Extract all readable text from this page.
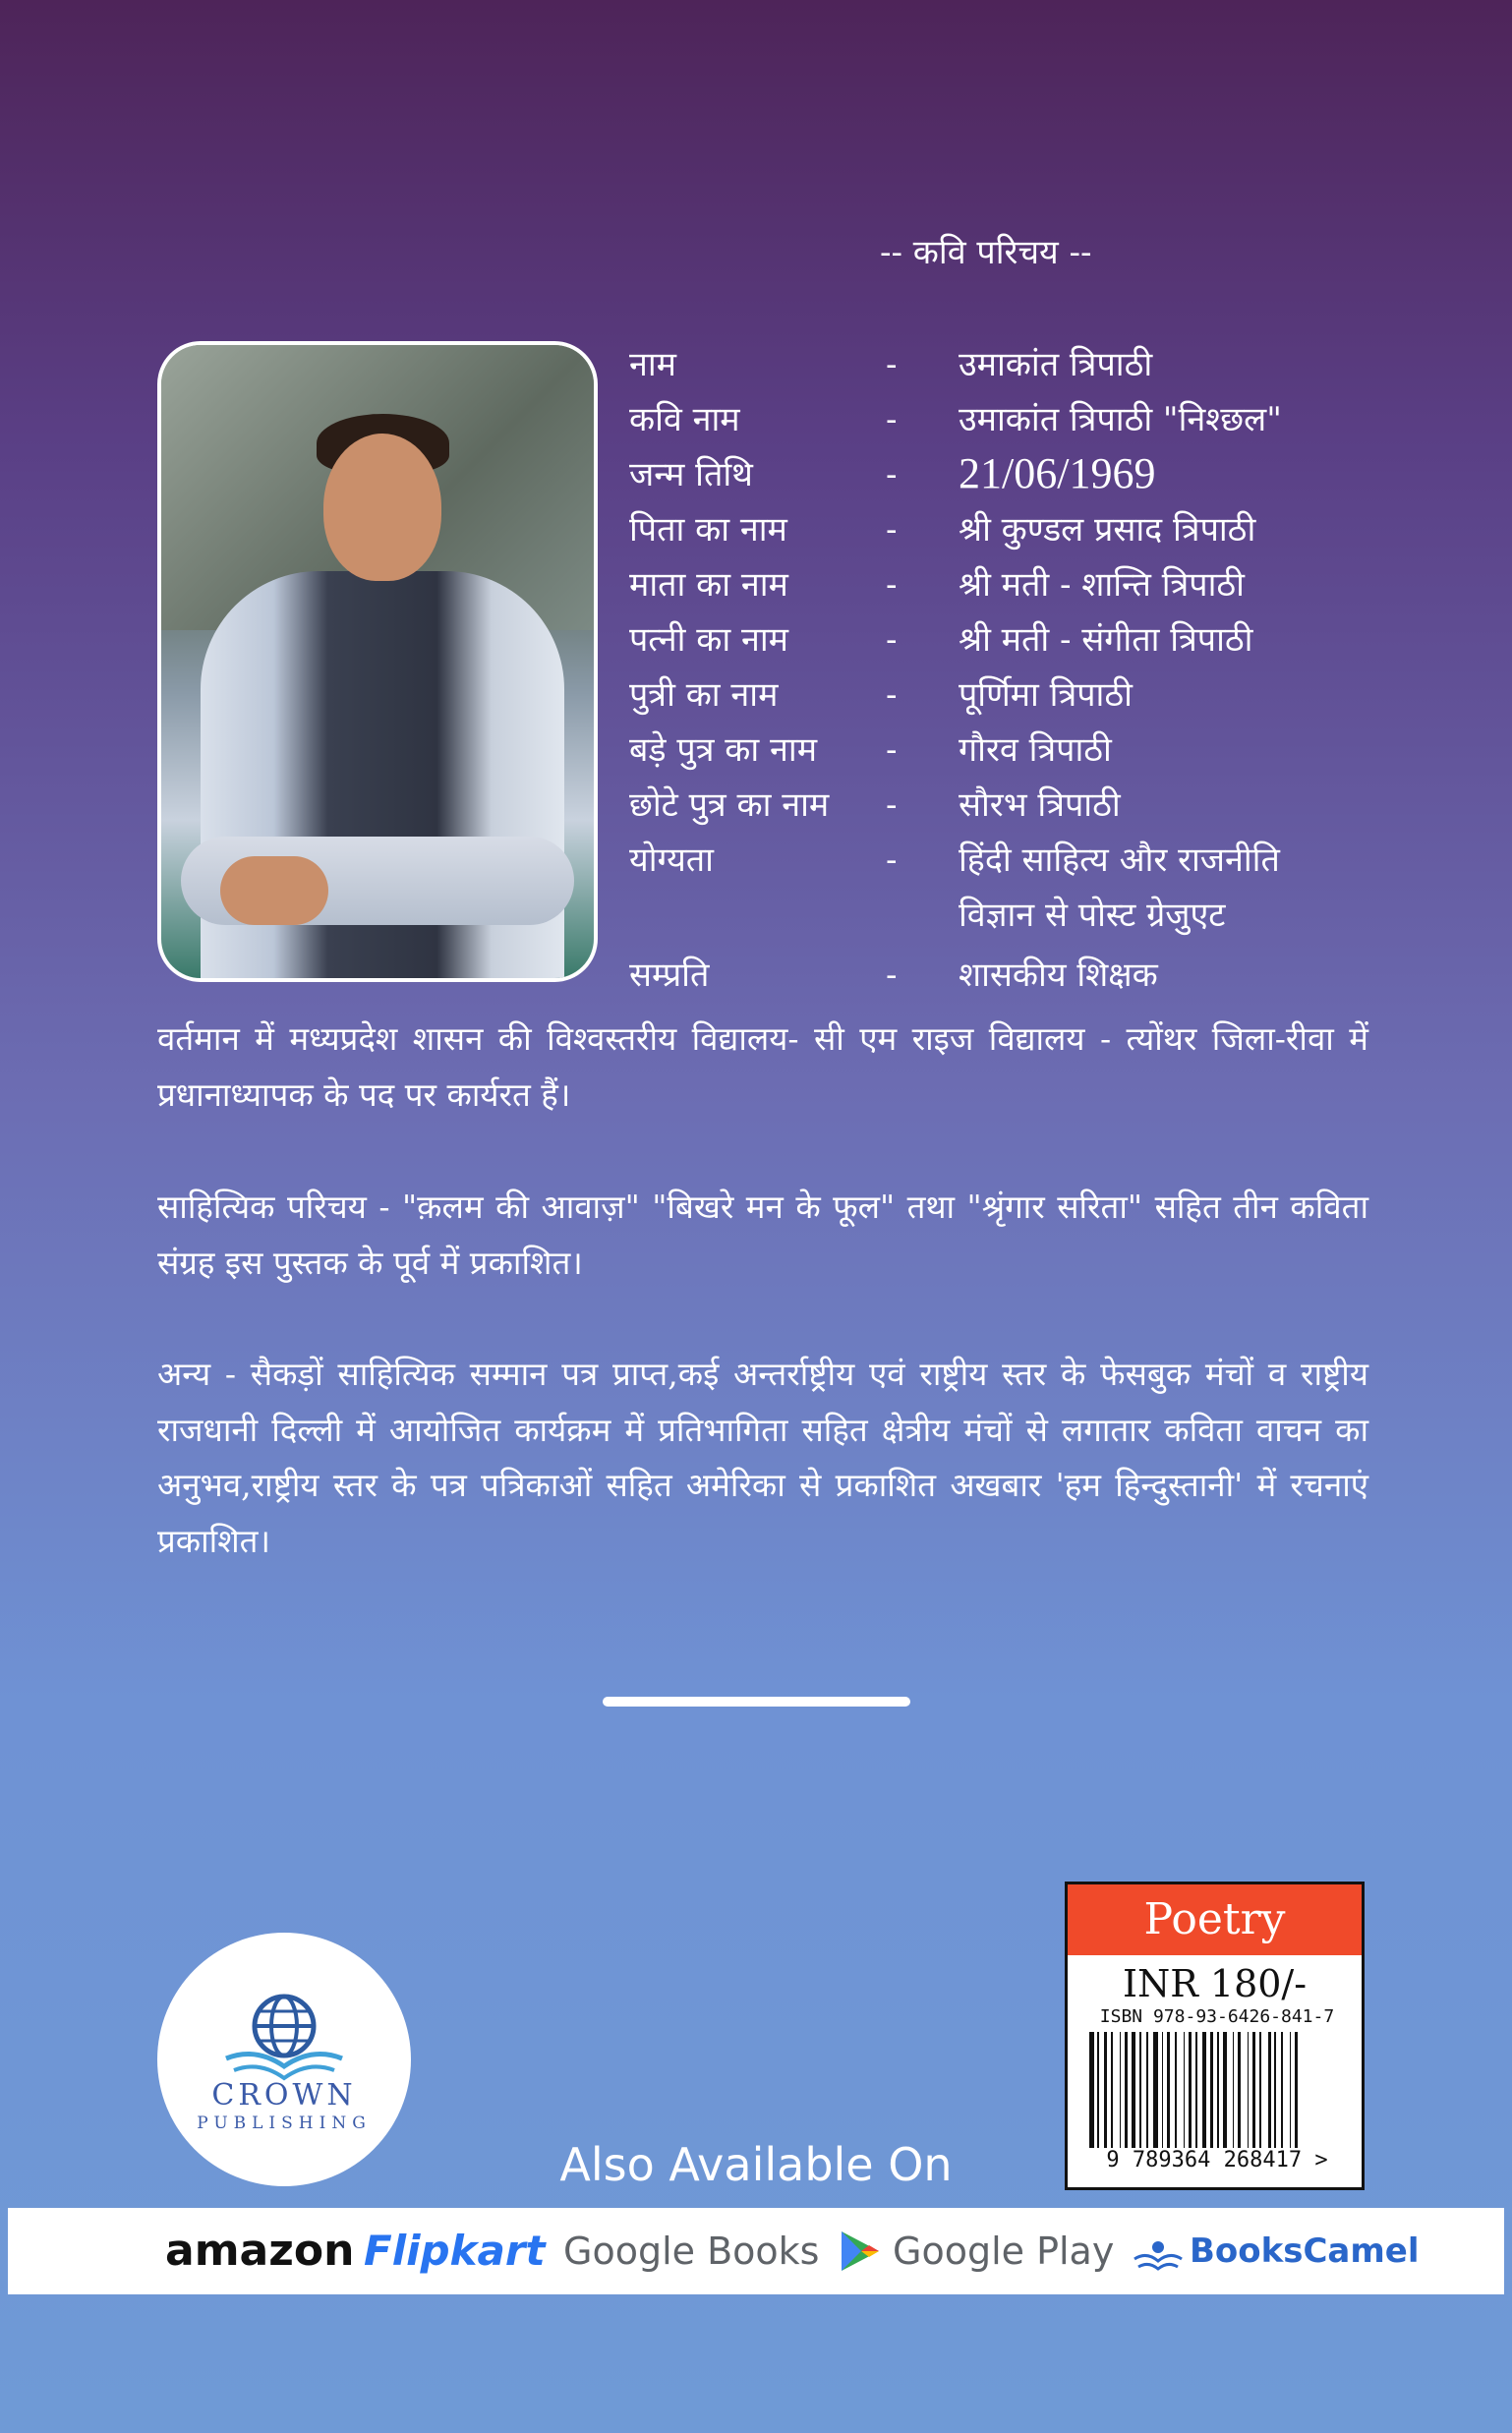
-- कवि परिचय --
नाम	- उमाकांत त्रिपाठी
कवि नाम	- उमाकांत त्रिपाठी "निश्छल"
जन्म तिथि	- 21/06/1969
पिता का नाम	- श्री कुण्डल प्रसाद त्रिपाठी
माता का नाम	- श्री मती - शान्ति त्रिपाठी
पत्नी का नाम	- श्री मती - संगीता त्रिपाठी
पुत्री का नाम	- पूर्णिमा त्रिपाठी
बड़े पुत्र का नाम - गौरव त्रिपाठी
छोटे पुत्र का नाम - सौरभ त्रिपाठी
योग्यता	- हिंदी साहित्य और राजनीति
विज्ञान से पोस्ट ग्रेजुएट
सम्प्रति	- शासकीय शिक्षक
वर्तमान में मध्यप्रदेश शासन की विश्वस्तरीय विद्यालय- सी एम राइज विद्यालय - त्योंथर जिला-रीवा में प्रधानाध्यापक के पद पर कार्यरत हैं।
साहित्यिक परिचय - "क़लम की आवाज़" "बिखरे मन के फूल" तथा "श्रृंगार सरिता" सहित तीन कविता संग्रह इस पुस्तक के पूर्व में प्रकाशित।
अन्य - सैकड़ों साहित्यिक सम्मान पत्र प्राप्त,कई अन्तर्राष्ट्रीय एवं राष्ट्रीय स्तर के फेसबुक मंचों व राष्ट्रीय राजधानी दिल्ली में आयोजित कार्यक्रम में प्रतिभागिता सहित क्षेत्रीय मंचों से लगातार कविता वाचन का अनुभव,राष्ट्रीय स्तर के पत्र पत्रिकाओं सहित अमेरिका से प्रकाशित अखबार 'हम हिन्दुस्तानी' में रचनाएं प्रकाशित।
CROWN
PUBLISHING
Poetry
INR 180/-
ISBN 978-93-6426-841-7
9 789364 268417 >
Also Available On
amazon Flipkart Google Books Google Play BooksCamel
